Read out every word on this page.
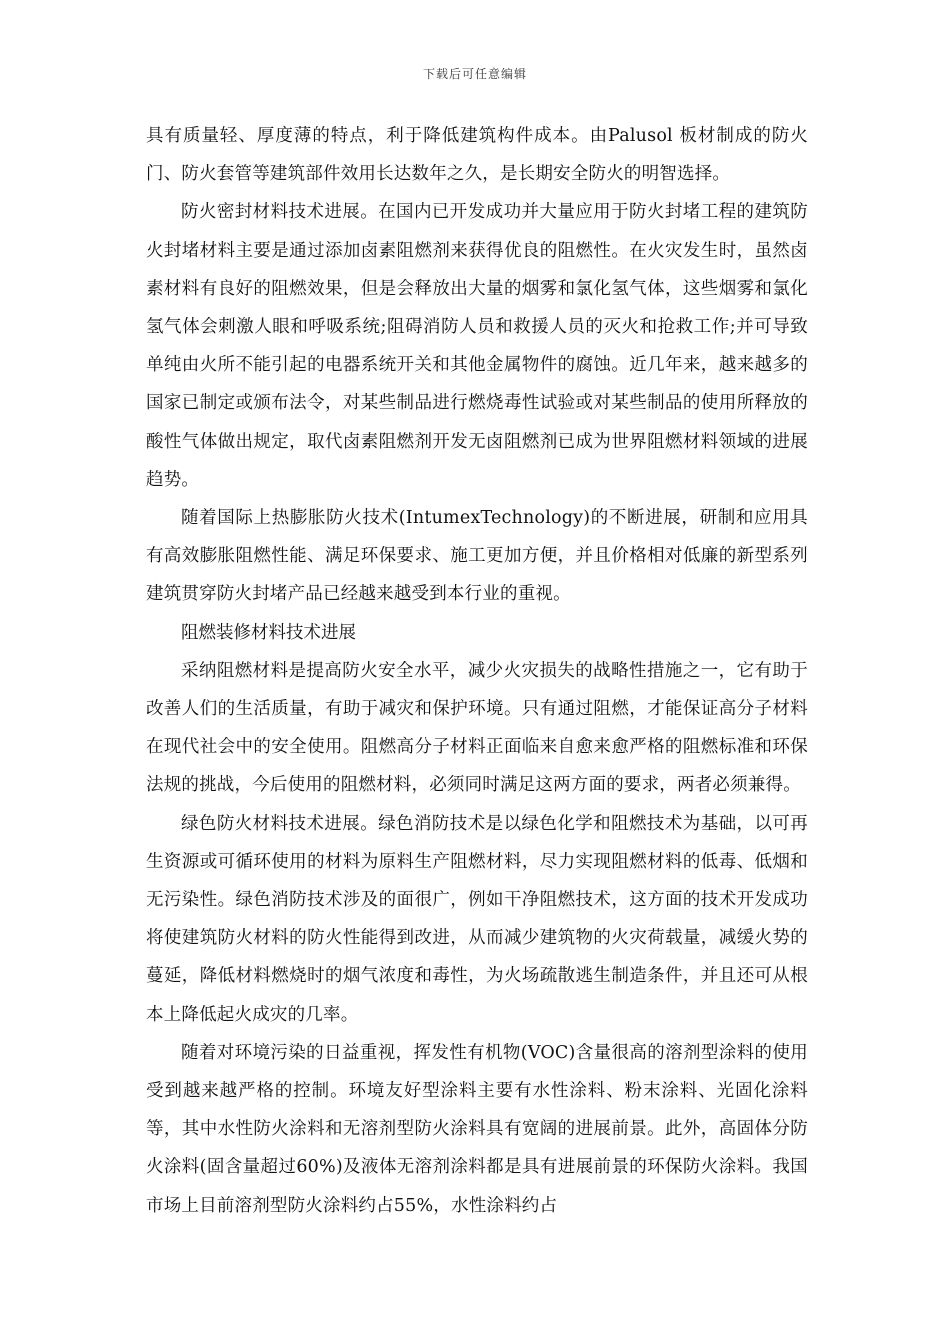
下载后可任意编辑

具有质量轻、厚度薄的特点，利于降低建筑构件成本。由Palusol 板材制成的防火门、防火套管等建筑部件效用长达数年之久，是长期安全防火的明智选择。

防火密封材料技术进展。在国内已开发成功并大量应用于防火封堵工程的建筑防火封堵材料主要是通过添加卤素阻燃剂来获得优良的阻燃性。在火灾发生时，虽然卤素材料有良好的阻燃效果，但是会释放出大量的烟雾和氯化氢气体，这些烟雾和氯化氢气体会刺激人眼和呼吸系统;阻碍消防人员和救援人员的灭火和抢救工作;并可导致单纯由火所不能引起的电器系统开关和其他金属物件的腐蚀。近几年来，越来越多的国家已制定或颁布法令，对某些制品进行燃烧毒性试验或对某些制品的使用所释放的酸性气体做出规定，取代卤素阻燃剂开发无卤阻燃剂已成为世界阻燃材料领域的进展趋势。

随着国际上热膨胀防火技术(IntumexTechnology)的不断进展，研制和应用具有高效膨胀阻燃性能、满足环保要求、施工更加方便，并且价格相对低廉的新型系列建筑贯穿防火封堵产品已经越来越受到本行业的重视。

阻燃装修材料技术进展

采纳阻燃材料是提高防火安全水平，减少火灾损失的战略性措施之一，它有助于改善人们的生活质量，有助于减灾和保护环境。只有通过阻燃，才能保证高分子材料在现代社会中的安全使用。阻燃高分子材料正面临来自愈来愈严格的阻燃标准和环保法规的挑战，今后使用的阻燃材料，必须同时满足这两方面的要求，两者必须兼得。

绿色防火材料技术进展。绿色消防技术是以绿色化学和阻燃技术为基础，以可再生资源或可循环使用的材料为原料生产阻燃材料，尽力实现阻燃材料的低毒、低烟和无污染性。绿色消防技术涉及的面很广，例如干净阻燃技术，这方面的技术开发成功将使建筑防火材料的防火性能得到改进，从而减少建筑物的火灾荷载量，减缓火势的蔓延，降低材料燃烧时的烟气浓度和毒性，为火场疏散逃生制造条件，并且还可从根本上降低起火成灾的几率。

随着对环境污染的日益重视，挥发性有机物(VOC)含量很高的溶剂型涂料的使用受到越来越严格的控制。环境友好型涂料主要有水性涂料、粉末涂料、光固化涂料等，其中水性防火涂料和无溶剂型防火涂料具有宽阔的进展前景。此外，高固体分防火涂料(固含量超过60%)及液体无溶剂涂料都是具有进展前景的环保防火涂料。我国市场上目前溶剂型防火涂料约占55%，水性涂料约占
